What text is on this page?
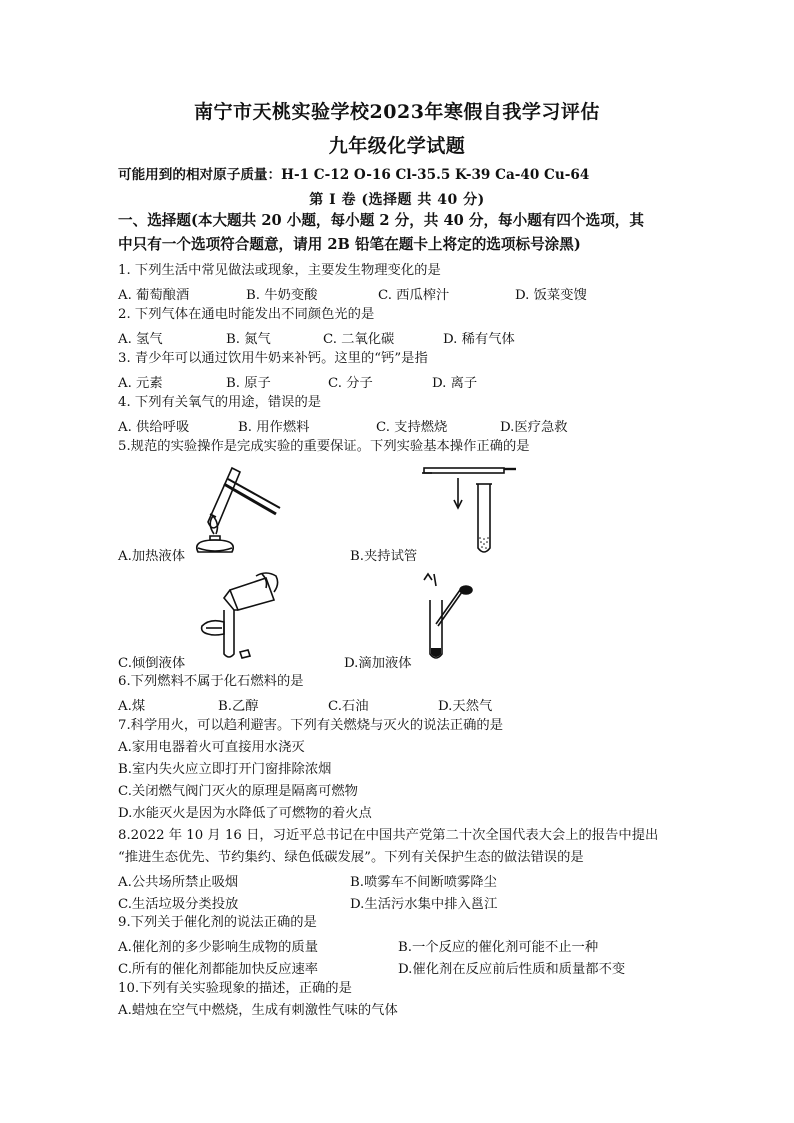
南宁市天桃实验学校2023年寒假自我学习评估
九年级化学试题
可能用到的相对原子质量：H-1 C-12 O-16 Cl-35.5 K-39 Ca-40 Cu-64
第 Ⅰ 卷 (选择题 共 40 分)
一、选择题(本大题共 20 小题，每小题 2 分，共 40 分，每小题有四个选项，其
中只有一个选项符合题意，请用 2B 铅笔在题卡上将定的选项标号涂黑)
1. 下列生活中常见做法或现象，主要发生物理变化的是
A. 葡萄酿酒	B. 牛奶变酸	C. 西瓜榨汁	D. 饭菜变馊
2. 下列气体在通电时能发出不同颜色光的是
A. 氢气	B. 氮气	C. 二氧化碳	D. 稀有气体
3. 青少年可以通过饮用牛奶来补钙。这里的“钙”是指
A. 元素	B. 原子	C. 分子	D. 离子
4. 下列有关氧气的用途，错误的是
A. 供给呼吸	B. 用作燃料	C. 支持燃烧	D.医疗急救
5.规范的实验操作是完成实验的重要保证。下列实验基本操作正确的是
A.加热液体	B.夹持试管
C.倾倒液体	D.滴加液体
6.下列燃料不属于化石燃料的是
A.煤	B.乙醇	C.石油	D.天然气
7.科学用火，可以趋利避害。下列有关燃烧与灭火的说法正确的是
A.家用电器着火可直接用水浇灭
B.室内失火应立即打开门窗排除浓烟
C.关闭燃气阀门灭火的原理是隔离可燃物
D.水能灭火是因为水降低了可燃物的着火点
8.2022 年 10 月 16 日，习近平总书记在中国共产党第二十次全国代表大会上的报告中提出
“推进生态优先、节约集约、绿色低碳发展”。下列有关保护生态的做法错误的是
A.公共场所禁止吸烟	B.喷雾车不间断喷雾降尘
C.生活垃圾分类投放	D.生活污水集中排入邕江
9.下列关于催化剂的说法正确的是
A.催化剂的多少影响生成物的质量	B.一个反应的催化剂可能不止一种
C.所有的催化剂都能加快反应速率	D.催化剂在反应前后性质和质量都不变
10.下列有关实验现象的描述，正确的是
A.蜡烛在空气中燃烧，生成有刺激性气味的气体
